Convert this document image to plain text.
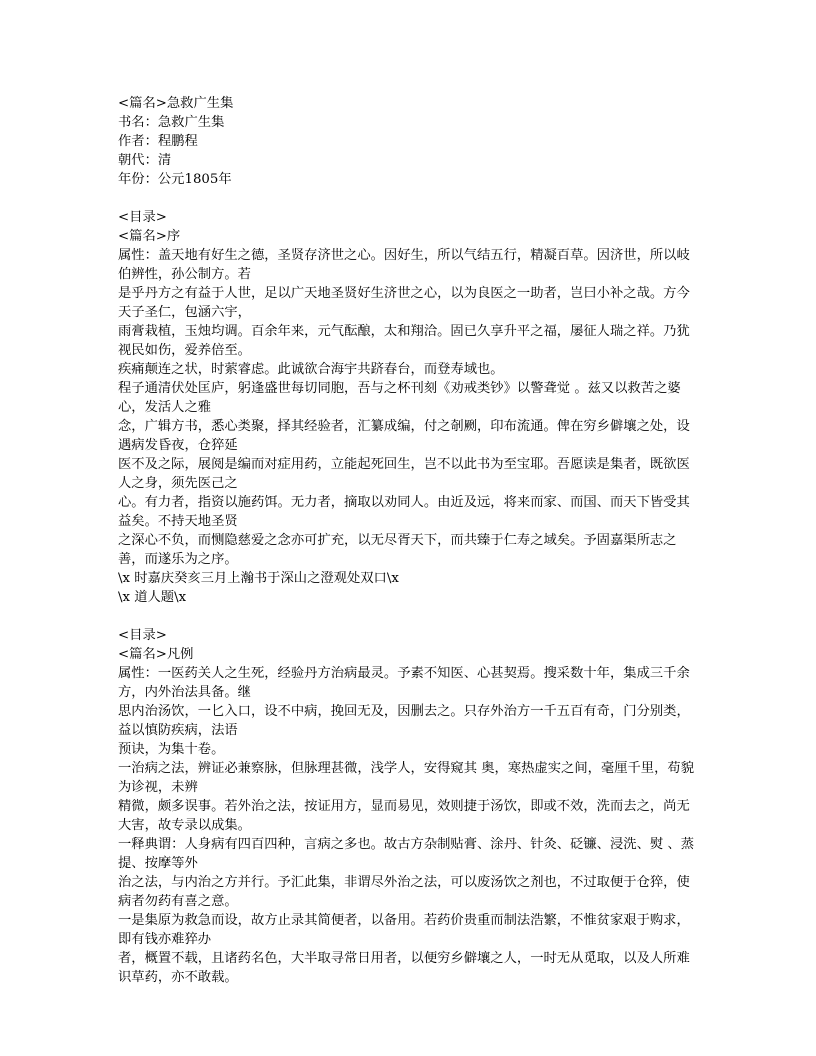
<篇名>急救广生集
书名：急救广生集
作者：程鹏程
朝代：清
年份：公元1805年
<目录>
<篇名>序
属性：盖天地有好生之德，圣贤存济世之心。因好生，所以气结五行，精凝百草。因济世，所以岐伯辨性，孙公制方。若
是乎丹方之有益于人世，足以广天地圣贤好生济世之心，以为良医之一助者，岂曰小补之哉。方今天子圣仁，包涵六宇，
雨膏栽植，玉烛均调。百余年来，元气酝酿，太和翔洽。固已久享升平之福，屡征人瑞之祥。乃犹视民如伤，爱养倍至。
疾痛颠连之状，时萦睿虑。此诚欲合海宇共跻春台，而登寿域也。
程子通清伏处匡庐，躬逢盛世每切同胞，吾与之杯刊刻《劝戒类钞》以警聋觉 。兹又以救苦之婆心，发活人之雅
念，广辑方书，悉心类聚，择其经验者，汇纂成编，付之剞劂，印布流通。俾在穷乡僻壤之处，设遇病发昏夜，仓猝延
医不及之际，展阅是编而对症用药，立能起死回生，岂不以此书为至宝耶。吾愿读是集者，既欲医人之身，须先医己之
心。有力者，指资以施药饵。无力者，摘取以劝同人。由近及远，将来而家、而国、而天下皆受其益矣。不持天地圣贤
之深心不负，而恻隐慈爱之念亦可扩充，以无尽胥天下，而共臻于仁寿之域矣。予固嘉渠所志之善，而遂乐为之序。
\x 时嘉庆癸亥三月上瀚书于深山之澄观处双口\x
\x 道人题\x
<目录>
<篇名>凡例
属性：一医药关人之生死，经验丹方治病最灵。予素不知医、心甚契焉。搜采数十年，集成三千余方，内外治法具备。继
思内治汤饮，一匕入口，设不中病，挽回无及，因删去之。只存外治方一千五百有奇，门分别类，益以慎防疾病，法语
预诀，为集十卷。
一治病之法，辨证必兼察脉，但脉理甚微，浅学人，安得窥其 奥，寒热虚实之间，毫厘千里，苟貌为诊视，未辨
精微，颇多误事。若外治之法，按证用方，显而易见，效则捷于汤饮，即或不效，洗而去之，尚无大害，故专录以成集。
一释典谓：人身病有四百四种，言病之多也。故古方杂制贴膏、涂丹、针灸、砭镰、浸洗、熨 、蒸提、按摩等外
治之法，与内治之方并行。予汇此集，非谓尽外治之法，可以废汤饮之剂也，不过取便于仓猝，使病者勿药有喜之意。
一是集原为救急而设，故方止录其简便者，以备用。若药价贵重而制法浩繁，不惟贫家艰于购求，即有钱亦难猝办
者，概置不载，且诸药名色，大半取寻常日用者，以便穷乡僻壤之人，一时无从觅取，以及人所难识草药，亦不敢载。
